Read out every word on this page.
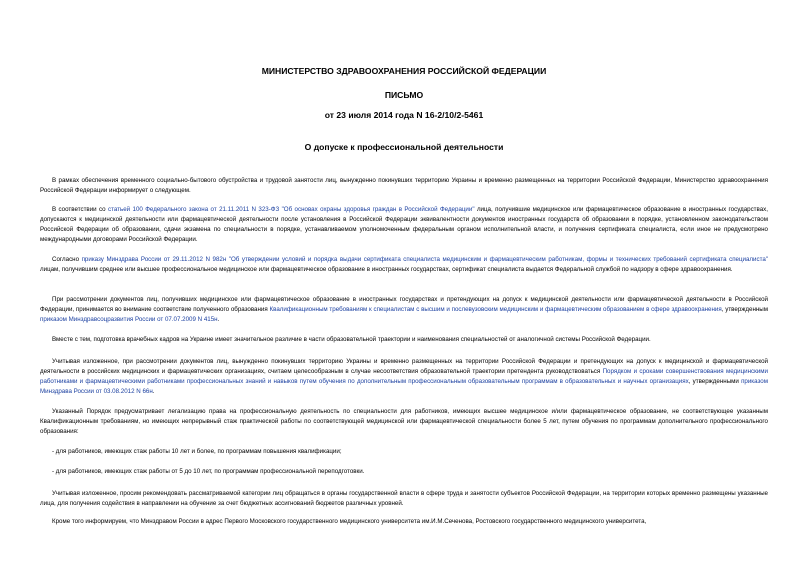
МИНИСТЕРСТВО ЗДРАВООХРАНЕНИЯ РОССИЙСКОЙ ФЕДЕРАЦИИ
ПИСЬМО
от 23 июля 2014 года N 16-2/10/2-5461
О допуске к профессиональной деятельности

В рамках обеспечения временного социально-бытового обустройства и трудовой занятости лиц, вынужденно покинувших территорию Украины и временно размещенных на территории Российской Федерации, Министерство здравоохранения Российской Федерации информирует о следующем.

В соответствии со статьей 100 Федерального закона от 21.11.2011 N 323-ФЗ "Об основах охраны здоровья граждан в Российской Федерации" лица, получившие медицинское или фармацевтическое образование в иностранных государствах, допускаются к медицинской деятельности или фармацевтической деятельности после установления в Российской Федерации эквивалентности документов иностранных государств об образовании в порядке, установленном законодательством Российской Федерации об образовании, сдачи экзамена по специальности в порядке, устанавливаемом уполномоченным федеральным органом исполнительной власти, и получения сертификата специалиста, если иное не предусмотрено международными договорами Российской Федерации.

Согласно приказу Минздрава России от 29.11.2012 N 982н "Об утверждении условий и порядка выдачи сертификата специалиста медицинским и фармацевтическим работникам, формы и технических требований сертификата специалиста" лицам, получившим среднее или высшее профессиональное медицинское или фармацевтическое образование в иностранных государствах, сертификат специалиста выдается Федеральной службой по надзору в сфере здравоохранения.

При рассмотрении документов лиц, получивших медицинское или фармацевтическое образование в иностранных государствах и претендующих на допуск к медицинской деятельности или фармацевтической деятельности в Российской Федерации, принимается во внимание соответствие полученного образования Квалификационным требованиям к специалистам с высшим и послевузовским медицинским и фармацевтическим образованием в сфере здравоохранения, утвержденным приказом Минздравсоцразвития России от 07.07.2009 N 415н.

Вместе с тем, подготовка врачебных кадров на Украине имеет значительное различие в части образовательной траектории и наименования специальностей от аналогичной системы Российской Федерации.

Учитывая изложенное, при рассмотрении документов лиц, вынужденно покинувших территорию Украины и временно размещенных на территории Российской Федерации и претендующих на допуск к медицинской и фармацевтической деятельности в российских медицинских и фармацевтических организациях, считаем целесообразным в случае несоответствия образовательной траектории претендента руководствоваться Порядком и сроками совершенствования медицинскими работниками и фармацевтическими работниками профессиональных знаний и навыков путем обучения по дополнительным профессиональным образовательным программам в образовательных и научных организациях, утвержденными приказом Минздрава России от 03.08.2012 N 66н.

Указанный Порядок предусматривает легализацию права на профессиональную деятельность по специальности для работников, имеющих высшее медицинское и/или фармацевтическое образование, не соответствующее указанным Квалификационным требованиям, но имеющих непрерывный стаж практической работы по соответствующей медицинской или фармацевтической специальности более 5 лет, путем обучения по программам дополнительного профессионального образования:

- для работников, имеющих стаж работы 10 лет и более, по программам повышения квалификации;

- для работников, имеющих стаж работы от 5 до 10 лет, по программам профессиональной переподготовки.

Учитывая изложенное, просим рекомендовать рассматриваемой категории лиц обращаться в органы государственной власти в сфере труда и занятости субъектов Российской Федерации, на территории которых временно размещены указанные лица, для получения содействия в направлении на обучение за счет бюджетных ассигнований бюджетов различных уровней.

Кроме того информируем, что Минздравом России в адрес Первого Московского государственного медицинского университета им.И.М.Сеченова, Ростовского государственного медицинского университета,
